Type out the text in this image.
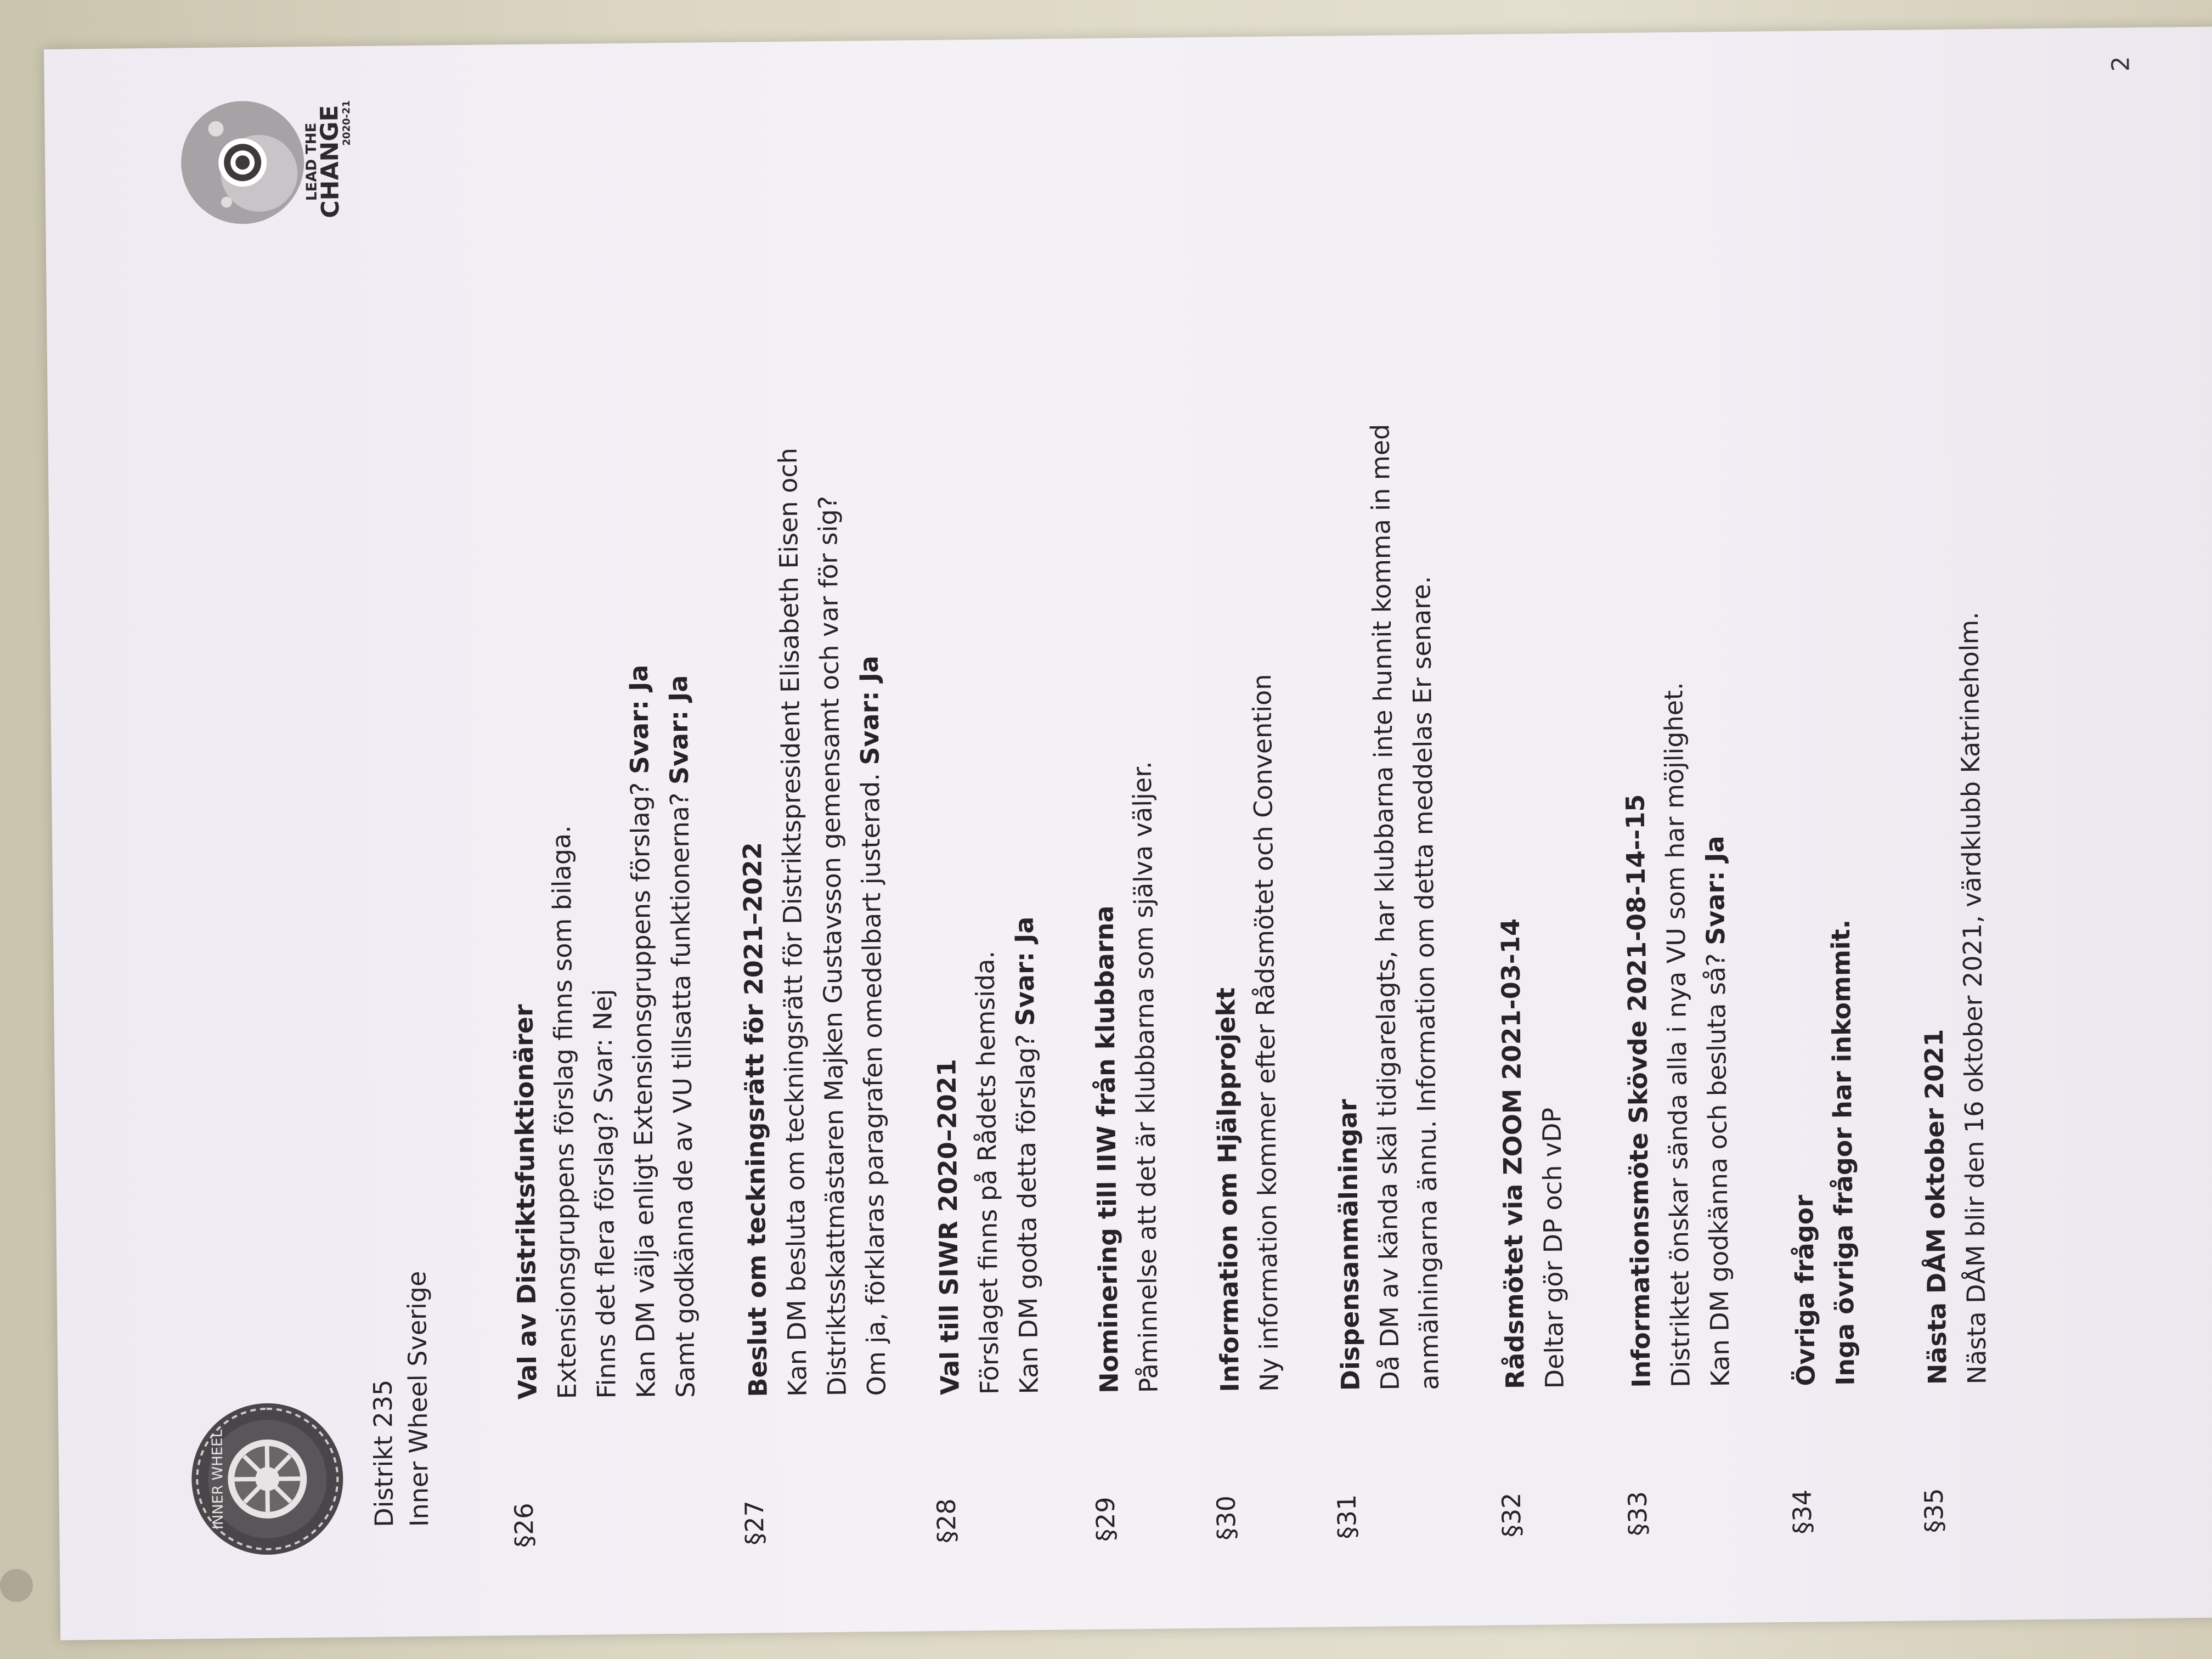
INNER WHEEL	Distrikt 235 Inner Wheel Sverige
LEAD THE
CHANGE
2020-21
§26
Val av Distriktsfunktionärer Extensionsgruppens förslag finns som bilaga. Finns det flera förslag? Svar: Nej Kan DM välja enligt Extensionsgruppens förslag? Svar: Ja
Samt godkänna de av VU tillsatta funktionerna? Svar: Ja
§27
Beslut om teckningsrätt för 2021–2022 Kan DM besluta om teckningsrätt för Distriktspresident Elisabeth Eisen och Distriktsskattmästaren Majken Gustavsson gemensamt och var för sig? Om ja, förklaras paragrafen omedelbart justerad. Svar: Ja
§28
Val till SIWR 2020–2021 Förslaget finns på Rådets hemsida. Kan DM godta detta förslag? Svar: Ja
§29
Nominering till IIW från klubbarna Påminnelse att det är klubbarna som själva väljer.
§30
Information om Hjälpprojekt Ny information kommer efter Rådsmötet och Convention
§31
Dispensanmälningar Då DM av kända skäl tidigarelagts, har klubbarna inte hunnit komma in med anmälningarna ännu. Information om detta meddelas Er senare.
§32
Rådsmötet via ZOOM 2021-03-14 Deltar gör DP och vDP
§33
Informationsmöte Skövde 2021-08-14--15 Distriktet önskar sända alla i nya VU som har möjlighet. Kan DM godkänna och besluta så? Svar: Ja
§34
Övriga frågor Inga övriga frågor har inkommit.
§35
Nästa DÅM oktober 2021 Nästa DÅM blir den 16 oktober 2021, värdklubb Katrineholm.
2
